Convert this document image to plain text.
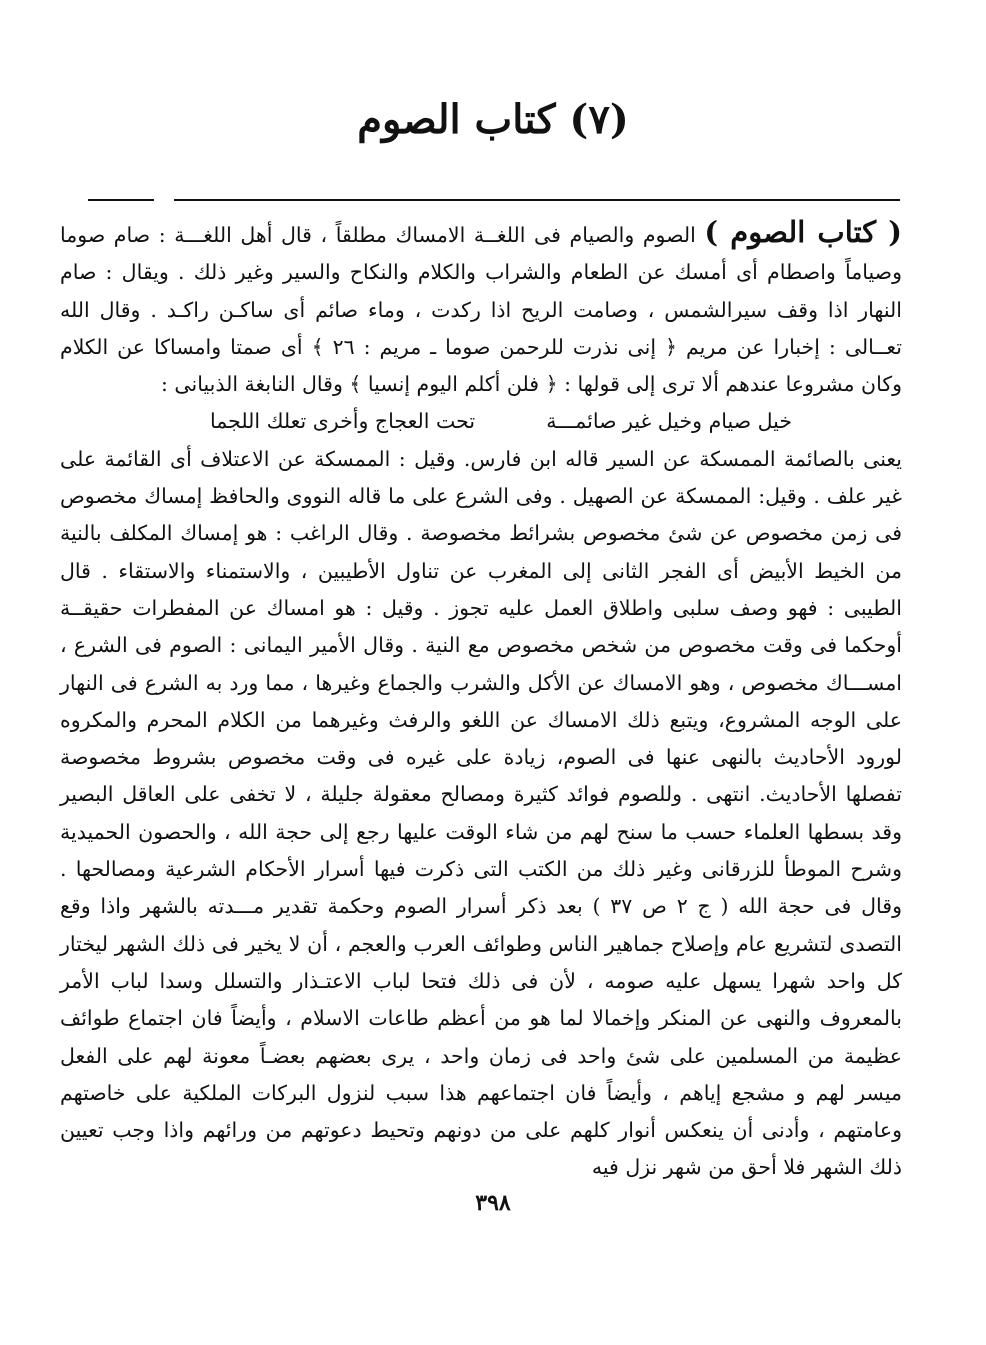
(٧) كتاب الصوم

( كتاب الصوم ) الصوم والصيام فى اللغــة الامساك مطلقاً ، قال أهل اللغـــة : صام صوما وصياماً واصطام أى أمسك عن الطعام والشراب والكلام والنكاح والسير وغير ذلك . ويقال : صام النهار اذا وقف سيرالشمس ، وصامت الريح اذا ركدت ، وماء صائم أى ساكـن راكـد . وقال الله تعــالى : إخبارا عن مريم ﴿ إنى نذرت للرحمن صوما ـ مريم : ٢٦ ﴾ أى صمتا وامساكا عن الكلام وكان مشروعا عندهم ألا ترى إلى قولها : ﴿ فلن أكلم اليوم إنسيا ﴾ وقال النابغة الذبيانى :

خيل صيام وخيل غير صائمـــة
تحت العجاج وأخرى تعلك اللجما

يعنى بالصائمة الممسكة عن السير قاله ابن فارس. وقيل : الممسكة عن الاعتلاف أى القائمة على غير علف . وقيل: الممسكة عن الصهيل . وفى الشرع على ما قاله النووى والحافظ إمساك مخصوص فى زمن مخصوص عن شئ مخصوص بشرائط مخصوصة . وقال الراغب : هو إمساك المكلف بالنية من الخيط الأبيض أى الفجر الثانى إلى المغرب عن تناول الأطيبين ، والاستمناء والاستقاء . قال الطيبى : فهو وصف سلبى واطلاق العمل عليه تجوز . وقيل : هو امساك عن المفطرات حقيقــة أوحكما فى وقت مخصوص من شخص مخصوص مع النية . وقال الأمير اليمانى : الصوم فى الشرع ، امســـاك مخصوص ، وهو الامساك عن الأكل والشرب والجماع وغيرها ، مما ورد به الشرع فى النهار على الوجه المشروع، ويتبع ذلك الامساك عن اللغو والرفث وغيرهما من الكلام المحرم والمكروه لورود الأحاديث بالنهى عنها فى الصوم، زيادة على غيره فى وقت مخصوص بشروط مخصوصة تفصلها الأحاديث. انتهى . وللصوم فوائد كثيرة ومصالح معقولة جليلة ، لا تخفى على العاقل البصير وقد بسطها العلماء حسب ما سنح لهم من شاء الوقت عليها رجع إلى حجة الله ، والحصون الحميدية وشرح الموطأ للزرقانى وغير ذلك من الكتب التى ذكرت فيها أسرار الأحكام الشرعية ومصالحها . وقال فى حجة الله ( ج ٢ ص ٣٧ ) بعد ذكر أسرار الصوم وحكمة تقدير مـــدته بالشهر واذا وقع التصدى لتشريع عام وإصلاح جماهير الناس وطوائف العرب والعجم ، أن لا يخير فى ذلك الشهر ليختار كل واحد شهرا يسهل عليه صومه ، لأن فى ذلك فتحا لباب الاعتـذار والتسلل وسدا لباب الأمر بالمعروف والنهى عن المنكر وإخمالا لما هو من أعظم طاعات الاسلام ، وأيضاً فان اجتماع طوائف عظيمة من المسلمين على شئ واحد فى زمان واحد ، يرى بعضهم بعضـاً معونة لهم على الفعل ميسر لهم و مشجع إياهم ، وأيضاً فان اجتماعهم هذا سبب لنزول البركات الملكية على خاصتهم وعامتهم ، وأدنى أن ينعكس أنوار كلهم على من دونهم وتحيط دعوتهم من ورائهم واذا وجب تعيين ذلك الشهر فلا أحق من شهر نزل فيه

٣٩٨
